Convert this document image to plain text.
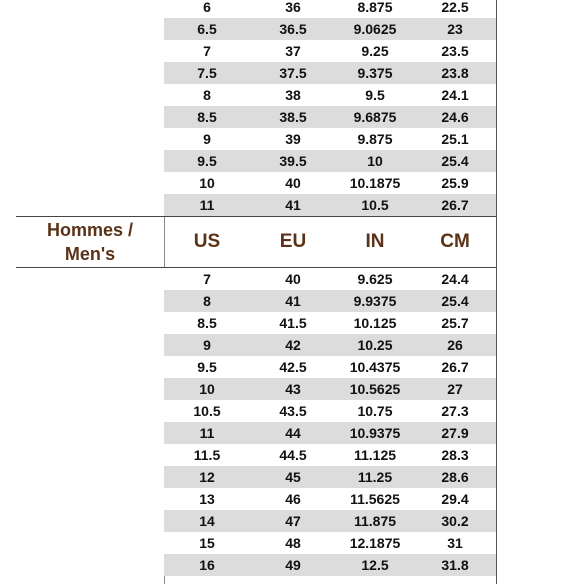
6	36	8.875	22.5
6.5	36.5	9.0625	23
7	37	9.25	23.5
7.5	37.5	9.375	23.8
8	38	9.5	24.1
8.5	38.5	9.6875	24.6
9	39	9.875	25.1
9.5	39.5	10	25.4
10	40	10.1875	25.9
11	41	10.5	26.7
Hommes /
Men's
US	EU	IN	CM
7	40	9.625	24.4
8	41	9.9375	25.4
8.5	41.5	10.125	25.7
9	42	10.25	26
9.5	42.5	10.4375	26.7
10	43	10.5625	27
10.5	43.5	10.75	27.3
11	44	10.9375	27.9
11.5	44.5	11.125	28.3
12	45	11.25	28.6
13	46	11.5625	29.4
14	47	11.875	30.2
15	48	12.1875	31
16	49	12.5	31.8
